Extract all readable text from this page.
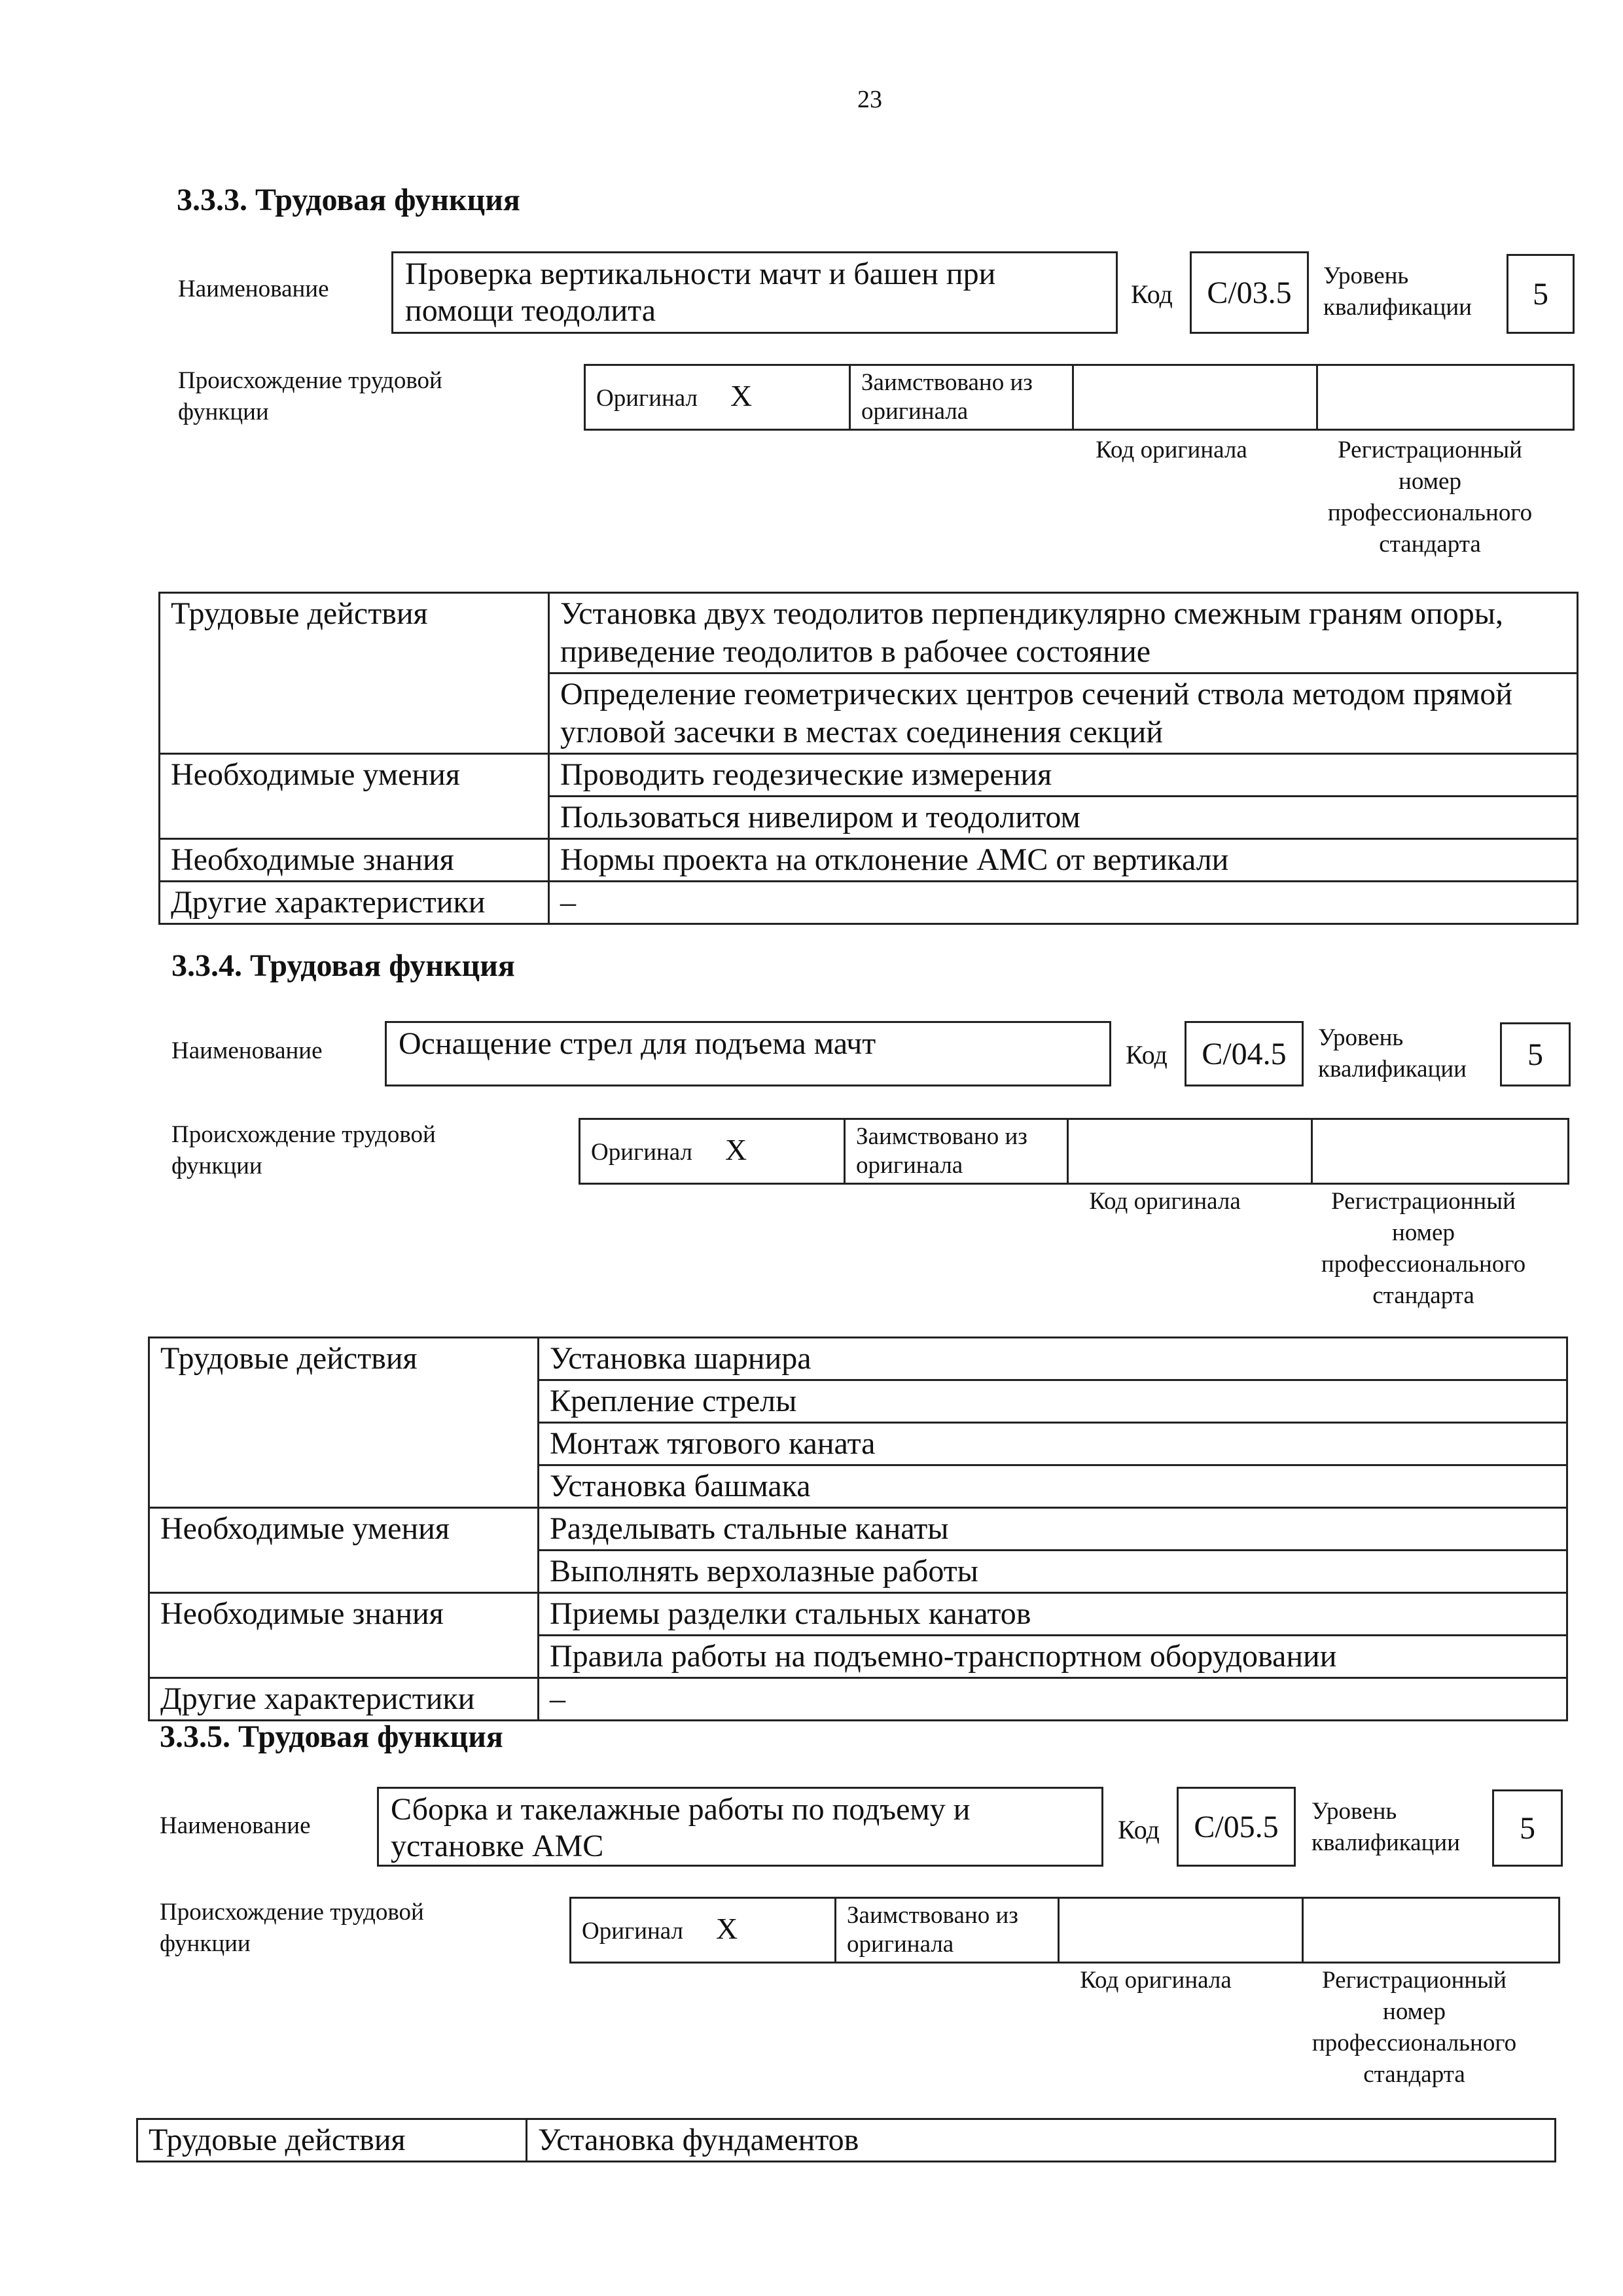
23
3.3.3. Трудовая функция
Наименование Проверка вертикальности мачт и башен при
помощи теодолита	Код	С/03.5	Уровень
квалификации	5
Происхождение трудовой
функции
Оригинал X	Заимствовано из
оригинала

Код оригинала	Регистрационный
номер
профессионального
стандарта
Трудовые действия	Установка двух теодолитов перпендикулярно смежным граням опоры, приведение теодолитов в рабочее состояние
	Определение геометрических центров сечений ствола методом прямой угловой засечки в местах соединения секций
Необходимые умения	Проводить геодезические измерения
	Пользоваться нивелиром и теодолитом
Необходимые знания	Нормы проекта на отклонение АМС от вертикали
Другие характеристики	–
3.3.4. Трудовая функция
Наименование Оснащение стрел для подъема мачт	Код	С/04.5	Уровень
квалификации	5
Происхождение трудовой
функции
Оригинал X	Заимствовано из
оригинала

Код оригинала	Регистрационный
номер
профессионального
стандарта
Трудовые действия	Установка шарнира
	Крепление стрелы
	Монтаж тягового каната
	Установка башмака
Необходимые умения	Разделывать стальные канаты
	Выполнять верхолазные работы
Необходимые знания	Приемы разделки стальных канатов
	Правила работы на подъемно-транспортном оборудовании
Другие характеристики	–
3.3.5. Трудовая функция
Наименование	Сборка и такелажные работы по подъему и
установке АМС	Код	С/05.5	Уровень
квалификации	5
Происхождение трудовой
функции	Оригинал X	Заимствовано из
оригинала

Код оригинала	Регистрационный
номер
профессионального
стандарта
Трудовые действия	Установка фундаментов
